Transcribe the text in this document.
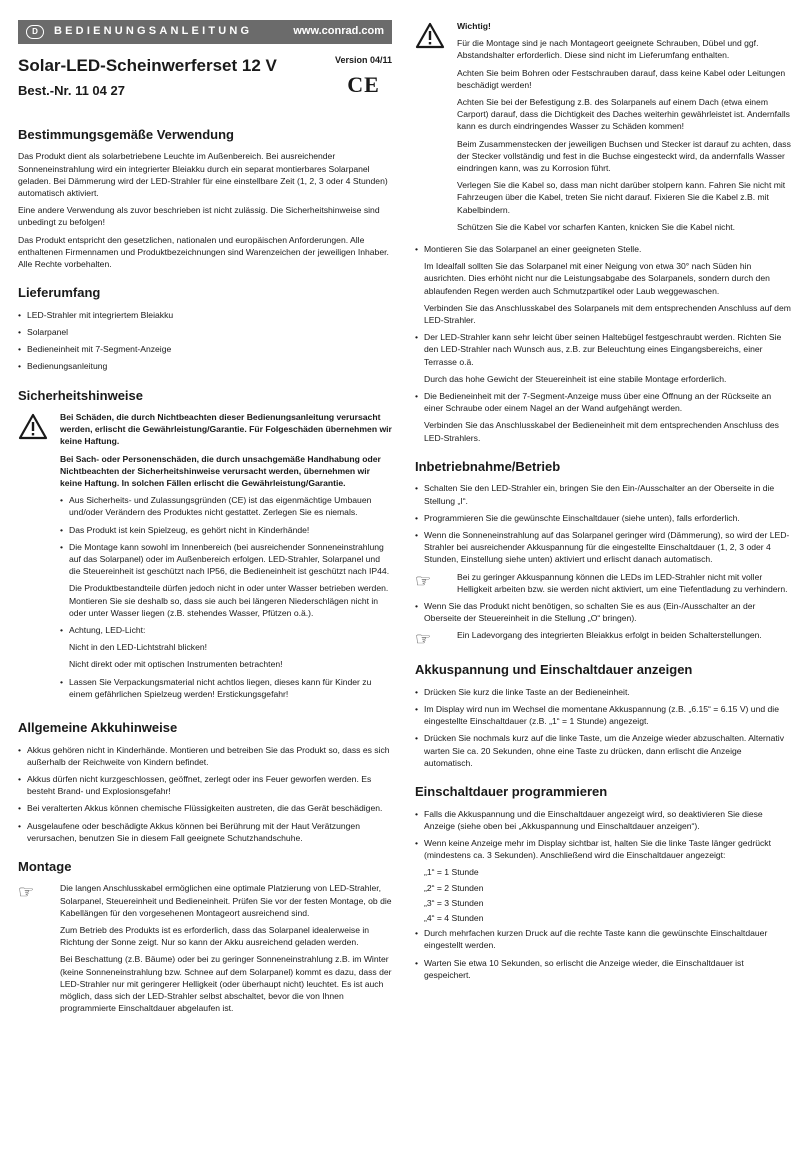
D	BEDIENUNGSANLEITUNG	www.conrad.com
Solar-LED-Scheinwerferset 12 V
Best.-Nr. 11 04 27
Version 04/11
CE
Bestimmungsgemäße Verwendung

Das Produkt dient als solarbetriebene Leuchte im Außenbereich. Bei ausreichender Sonneneinstrahlung wird ein integrierter Bleiakku durch ein separat montierbares Solarpanel geladen. Bei Dämmerung wird der LED-Strahler für eine einstellbare Zeit (1, 2, 3 oder 4 Stunden) automatisch aktiviert.

Eine andere Verwendung als zuvor beschrieben ist nicht zulässig. Die Sicherheitshinweise sind unbedingt zu befolgen!

Das Produkt entspricht den gesetzlichen, nationalen und europäischen Anforderungen. Alle enthaltenen Firmennamen und Produktbezeichnungen sind Warenzeichen der jeweiligen Inhaber. Alle Rechte vorbehalten.

Lieferumfang
• LED-Strahler mit integriertem Bleiakku
• Solarpanel
• Bedieneinheit mit 7-Segment-Anzeige
• Bedienungsanleitung
Sicherheitshinweise

Bei Schäden, die durch Nichtbeachten dieser Bedienungsanleitung verursacht werden, erlischt die Gewährleistung/Garantie. Für Folgeschäden übernehmen wir keine Haftung.

Bei Sach- oder Personenschäden, die durch unsachgemäße Handhabung oder Nichtbeachten der Sicherheitshinweise verursacht werden, übernehmen wir keine Haftung. In solchen Fällen erlischt die Gewährleistung/Garantie.

• Aus Sicherheits- und Zulassungsgründen (CE) ist das eigenmächtige Umbauen und/oder Verändern des Produktes nicht gestattet. Zerlegen Sie es niemals.
• Das Produkt ist kein Spielzeug, es gehört nicht in Kinderhände!
• Die Montage kann sowohl im Innenbereich (bei ausreichender Sonneneinstrahlung auf das Solarpanel) oder im Außenbereich erfolgen. LED-Strahler, Solarpanel und die Steuereinheit ist geschützt nach IP56, die Bedieneinheit ist geschützt nach IP44.

Die Produktbestandteile dürfen jedoch nicht in oder unter Wasser betrieben werden. Montieren Sie sie deshalb so, dass sie auch bei längeren Niederschlägen nicht in oder unter Wasser liegen (z.B. stehendes Wasser, Pfützen o.ä.).

• Achtung, LED-Licht:

Nicht in den LED-Lichtstrahl blicken!

Nicht direkt oder mit optischen Instrumenten betrachten!

• Lassen Sie Verpackungsmaterial nicht achtlos liegen, dieses kann für Kinder zu einem gefährlichen Spielzeug werden! Erstickungsgefahr!
Allgemeine Akkuhinweise
• Akkus gehören nicht in Kinderhände. Montieren und betreiben Sie das Produkt so, dass es sich außerhalb der Reichweite von Kindern befindet.
• Akkus dürfen nicht kurzgeschlossen, geöffnet, zerlegt oder ins Feuer geworfen werden. Es besteht Brand- und Explosionsgefahr!
• Bei veralterten Akkus können chemische Flüssigkeiten austreten, die das Gerät beschädigen.
• Ausgelaufene oder beschädigte Akkus können bei Berührung mit der Haut Verätzungen verursachen, benutzen Sie in diesem Fall geeignete Schutzhandschuhe.
Montage
☞	Die langen Anschlusskabel ermöglichen eine optimale Platzierung von LED-Strahler, Solarpanel, Steuereinheit und Bedieneinheit. Prüfen Sie vor der festen Montage, ob die Kabellängen für den vorgesehenen Montageort ausreichend sind.

Zum Betrieb des Produkts ist es erforderlich, dass das Solarpanel idealerweise in Richtung der Sonne zeigt. Nur so kann der Akku ausreichend geladen werden.

Bei Beschattung (z.B. Bäume) oder bei zu geringer Sonneneinstrahlung z.B. im Winter (keine Sonneneinstrahlung bzw. Schnee auf dem Solarpanel) kommt es dazu, dass der LED-Strahler nur mit geringerer Helligkeit (oder überhaupt nicht) leuchtet. Es ist auch möglich, dass sich der LED-Strahler selbst abschaltet, bevor die von Ihnen programmierte Einschaltdauer abgelaufen ist.

Wichtig!

Für die Montage sind je nach Montageort geeignete Schrauben, Dübel und ggf. Abstandshalter erforderlich. Diese sind nicht im Lieferumfang enthalten.

Achten Sie beim Bohren oder Festschrauben darauf, dass keine Kabel oder Leitungen beschädigt werden!

Achten Sie bei der Befestigung z.B. des Solarpanels auf einem Dach (etwa einem Carport) darauf, dass die Dichtigkeit des Daches weiterhin gewährleistet ist. Andernfalls kann es durch eindringendes Wasser zu Schäden kommen!

Beim Zusammenstecken der jeweiligen Buchsen und Stecker ist darauf zu achten, dass der Stecker vollständig und fest in die Buchse eingesteckt wird, da andernfalls Wasser eindringen kann, was zu Korrosion führt.

Verlegen Sie die Kabel so, dass man nicht darüber stolpern kann. Fahren Sie nicht mit Fahrzeugen über die Kabel, treten Sie nicht darauf. Fixieren Sie die Kabel z.B. mit Kabelbindern.

Schützen Sie die Kabel vor scharfen Kanten, knicken Sie die Kabel nicht.

• Montieren Sie das Solarpanel an einer geeigneten Stelle.

Im Idealfall sollten Sie das Solarpanel mit einer Neigung von etwa 30° nach Süden hin ausrichten. Dies erhöht nicht nur die Leistungsabgabe des Solarpanels, sondern durch den ablaufenden Regen werden auch Schmutzpartikel oder Laub weggewaschen.

Verbinden Sie das Anschlusskabel des Solarpanels mit dem entsprechenden Anschluss auf dem LED-Strahler.

• Der LED-Strahler kann sehr leicht über seinen Haltebügel festgeschraubt werden. Richten Sie den LED-Strahler nach Wunsch aus, z.B. zur Beleuchtung eines Eingangsbereichs, einer Terrasse o.ä.

Durch das hohe Gewicht der Steuereinheit ist eine stabile Montage erforderlich.

• Die Bedieneinheit mit der 7-Segment-Anzeige muss über eine Öffnung an der Rückseite an einer Schraube oder einem Nagel an der Wand aufgehängt werden.

Verbinden Sie das Anschlusskabel der Bedieneinheit mit dem entsprechenden Anschluss des LED-Strahlers.

Inbetriebnahme/Betrieb
• Schalten Sie den LED-Strahler ein, bringen Sie den Ein-/Ausschalter an der Oberseite in die Stellung „I“.
• Programmieren Sie die gewünschte Einschaltdauer (siehe unten), falls erforderlich.
• Wenn die Sonneneinstrahlung auf das Solarpanel geringer wird (Dämmerung), so wird der LED-Strahler bei ausreichender Akkuspannung für die eingestellte Einschaltdauer (1, 2, 3 oder 4 Stunden, Einstellung siehe unten) aktiviert und erlischt danach automatisch.
☞	Bei zu geringer Akkuspannung können die LEDs im LED-Strahler nicht mit voller Helligkeit arbeiten bzw. sie werden nicht aktiviert, um eine Tiefentladung zu verhindern.
• Wenn Sie das Produkt nicht benötigen, so schalten Sie es aus (Ein-/Ausschalter an der Oberseite der Steuereinheit in die Stellung „O“ bringen).
☞	Ein Ladevorgang des integrierten Bleiakkus erfolgt in beiden Schalterstellungen.
Akkuspannung und Einschaltdauer anzeigen
• Drücken Sie kurz die linke Taste an der Bedieneinheit.
• Im Display wird nun im Wechsel die momentane Akkuspannung (z.B. „6.15“ = 6.15 V) und die eingestellte Einschaltdauer (z.B. „1“ = 1 Stunde) angezeigt.
• Drücken Sie nochmals kurz auf die linke Taste, um die Anzeige wieder abzuschalten. Alternativ warten Sie ca. 20 Sekunden, ohne eine Taste zu drücken, dann erlischt die Anzeige automatisch.
Einschaltdauer programmieren
• Falls die Akkuspannung und die Einschaltdauer angezeigt wird, so deaktivieren Sie diese Anzeige (siehe oben bei „Akkuspannung und Einschaltdauer anzeigen“).
• Wenn keine Anzeige mehr im Display sichtbar ist, halten Sie die linke Taste länger gedrückt (mindestens ca. 3 Sekunden). Anschließend wird die Einschaltdauer angezeigt:

„1“ = 1 Stunde

„2“ = 2 Stunden

„3“ = 3 Stunden

„4“ = 4 Stunden

• Durch mehrfachen kurzen Druck auf die rechte Taste kann die gewünschte Einschaltdauer eingestellt werden.
• Warten Sie etwa 10 Sekunden, so erlischt die Anzeige wieder, die Einschaltdauer ist gespeichert.
